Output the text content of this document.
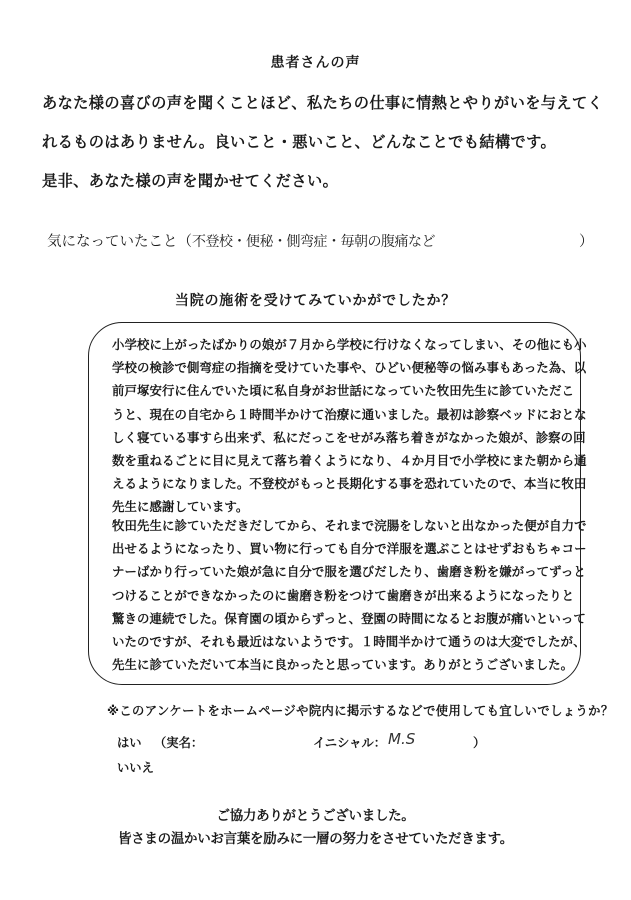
患者さんの声
あなた様の喜びの声を聞くことほど、私たちの仕事に情熱とやりがいを与えてく
れるものはありません。良いこと・悪いこと、どんなことでも結構です。
是非、あなた様の声を聞かせてください。
気になっていたこと（不登校・便秘・側弯症・毎朝の腹痛など	）
当院の施術を受けてみていかがでしたか？
小学校に上がったばかりの娘が７月から学校に行けなくなってしまい、その他にも小
学校の検診で側弯症の指摘を受けていた事や、ひどい便秘等の悩み事もあった為、以
前戸塚安行に住んでいた頃に私自身がお世話になっていた牧田先生に診ていただこ
うと、現在の自宅から１時間半かけて治療に通いました。最初は診察ベッドにおとな
しく寝ている事すら出来ず、私にだっこをせがみ落ち着きがなかった娘が、診察の回
数を重ねるごとに目に見えて落ち着くようになり、４か月目で小学校にまた朝から通
えるようになりました。不登校がもっと長期化する事を恐れていたので、本当に牧田
先生に感謝しています。
牧田先生に診ていただきだしてから、それまで浣腸をしないと出なかった便が自力で
出せるようになったり、買い物に行っても自分で洋服を選ぶことはせずおもちゃコー
ナーばかり行っていた娘が急に自分で服を選びだしたり、歯磨き粉を嫌がってずっと
つけることができなかったのに歯磨き粉をつけて歯磨きが出来るようになったりと
驚きの連続でした。保育園の頃からずっと、登園の時間になるとお腹が痛いといって
いたのですが、それも最近はないようです。１時間半かけて通うのは大変でしたが、
先生に診ていただいて本当に良かったと思っています。ありがとうございました。
※このアンケートをホームページや院内に掲示するなどで使用しても宜しいでしょうか？
はい （実名：	イニシャル： M.S	）
いいえ
ご協力ありがとうございました。
皆さまの温かいお言葉を励みに一層の努力をさせていただきます。
